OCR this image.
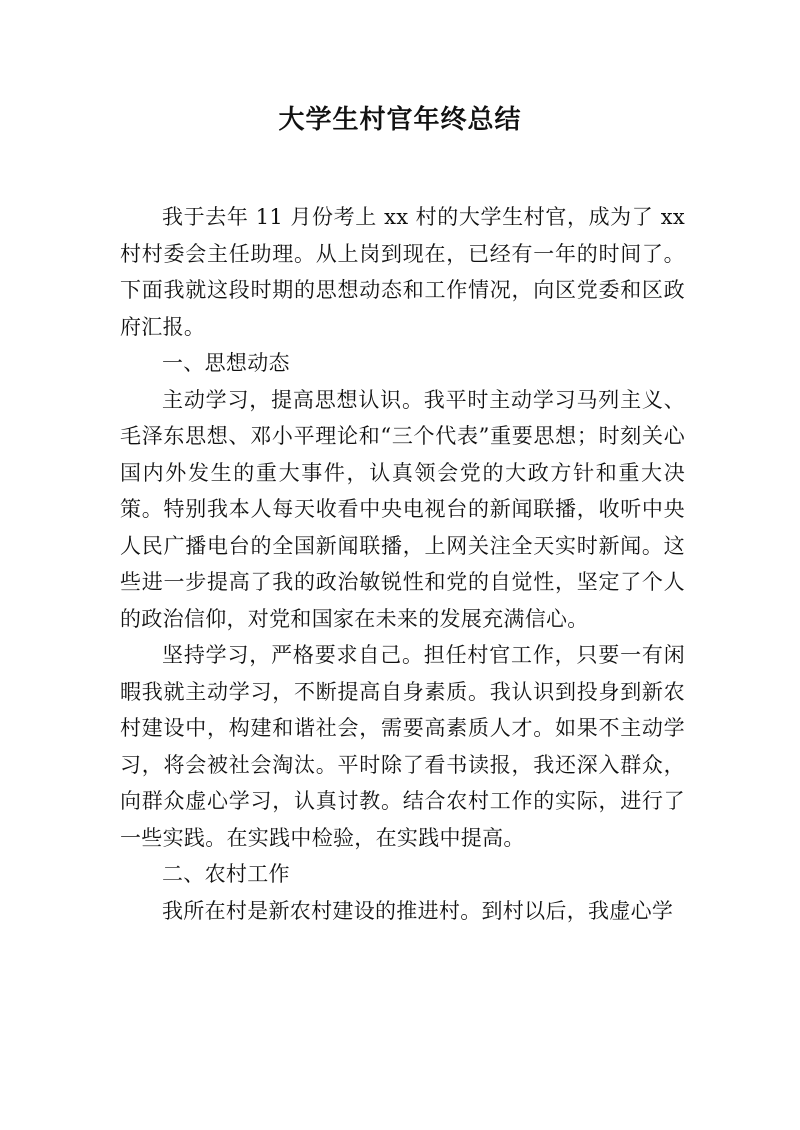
大学生村官年终总结

我于去年 11 月份考上 xx 村的大学生村官，成为了 xx 村村委会主任助理。从上岗到现在，已经有一年的时间了。下面我就这段时期的思想动态和工作情况，向区党委和区政府汇报。

一、思想动态

主动学习，提高思想认识。我平时主动学习马列主义、毛泽东思想、邓小平理论和“三个代表”重要思想；时刻关心国内外发生的重大事件，认真领会党的大政方针和重大决策。特别我本人每天收看中央电视台的新闻联播，收听中央人民广播电台的全国新闻联播，上网关注全天实时新闻。这些进一步提高了我的政治敏锐性和党的自觉性，坚定了个人的政治信仰，对党和国家在未来的发展充满信心。

坚持学习，严格要求自己。担任村官工作，只要一有闲暇我就主动学习，不断提高自身素质。我认识到投身到新农村建设中，构建和谐社会，需要高素质人才。如果不主动学习，将会被社会淘汰。平时除了看书读报，我还深入群众，向群众虚心学习，认真讨教。结合农村工作的实际，进行了一些实践。在实践中检验，在实践中提高。

二、农村工作

我所在村是新农村建设的推进村。到村以后，我虚心学
